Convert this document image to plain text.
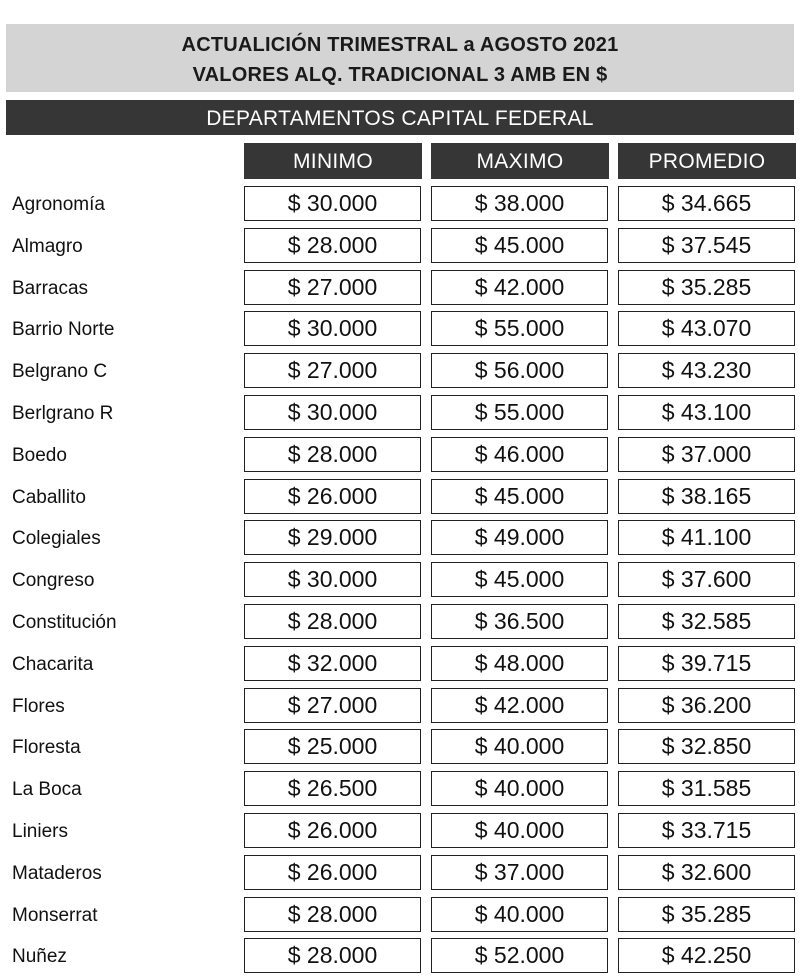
ACTUALICIÓN TRIMESTRAL a AGOSTO 2021
VALORES ALQ. TRADICIONAL 3 AMB EN $
DEPARTAMENTOS CAPITAL FEDERAL
MINIMO	MAXIMO	PROMEDIO
Agronomía	$ 30.000	$ 38.000	$ 34.665
Almagro	$ 28.000	$ 45.000	$ 37.545
Barracas	$ 27.000	$ 42.000	$ 35.285
Barrio Norte	$ 30.000	$ 55.000	$ 43.070
Belgrano C	$ 27.000	$ 56.000	$ 43.230
Berlgrano R	$ 30.000	$ 55.000	$ 43.100
Boedo	$ 28.000	$ 46.000	$ 37.000
Caballito	$ 26.000	$ 45.000	$ 38.165
Colegiales	$ 29.000	$ 49.000	$ 41.100
Congreso	$ 30.000	$ 45.000	$ 37.600
Constitución	$ 28.000	$ 36.500	$ 32.585
Chacarita	$ 32.000	$ 48.000	$ 39.715
Flores	$ 27.000	$ 42.000	$ 36.200
Floresta	$ 25.000	$ 40.000	$ 32.850
La Boca	$ 26.500	$ 40.000	$ 31.585
Liniers	$ 26.000	$ 40.000	$ 33.715
Mataderos	$ 26.000	$ 37.000	$ 32.600
Monserrat	$ 28.000	$ 40.000	$ 35.285
Nuñez	$ 28.000	$ 52.000	$ 42.250
